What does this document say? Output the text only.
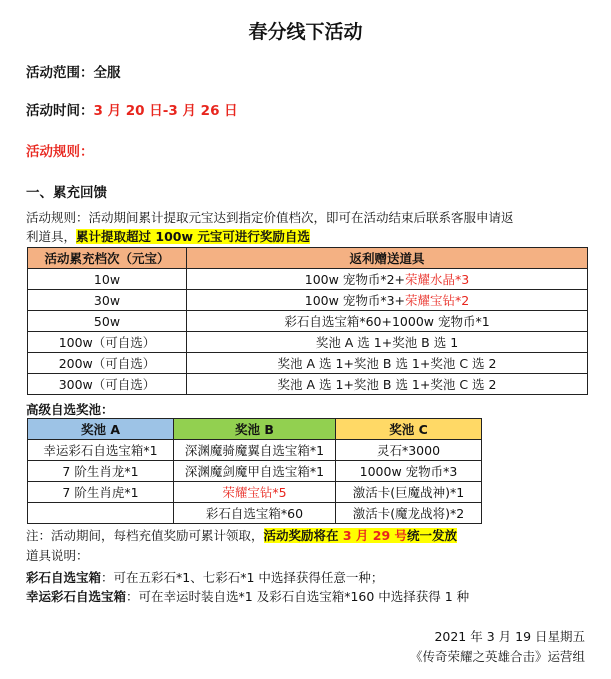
春分线下活动
活动范围：全服
活动时间：3 月 20 日-3 月 26 日
活动规则：
一、累充回馈
活动规则：活动期间累计提取元宝达到指定价值档次，即可在活动结束后联系客服申请返
利道具，累计提取超过 100w 元宝可进行奖励自选
活动累充档次（元宝）	返利赠送道具
10w	100w 宠物币*2+荣耀水晶*3
30w	100w 宠物币*3+荣耀宝钻*2
50w	彩石自选宝箱*60+1000w 宠物币*1
100w（可自选）	奖池 A 选 1+奖池 B 选 1
200w（可自选）	奖池 A 选 1+奖池 B 选 1+奖池 C 选 2
300w（可自选）	奖池 A 选 1+奖池 B 选 1+奖池 C 选 2
高级自选奖池：
奖池 A	奖池 B	奖池 C
幸运彩石自选宝箱*1	深渊魔骑魔翼自选宝箱*1	灵石*3000
7 阶生肖龙*1	深渊魔剑魔甲自选宝箱*1	1000w 宠物币*3
7 阶生肖虎*1	荣耀宝钻*5	激活卡(巨魔战神)*1
	彩石自选宝箱*60	激活卡(魔龙战将)*2
注：活动期间，每档充值奖励可累计领取，活动奖励将在 3 月 29 号统一发放
道具说明：
彩石自选宝箱：可在五彩石*1、七彩石*1 中选择获得任意一种；
幸运彩石自选宝箱：可在幸运时装自选*1 及彩石自选宝箱*160 中选择获得 1 种
2021 年 3 月 19 日星期五
《传奇荣耀之英雄合击》运营组
